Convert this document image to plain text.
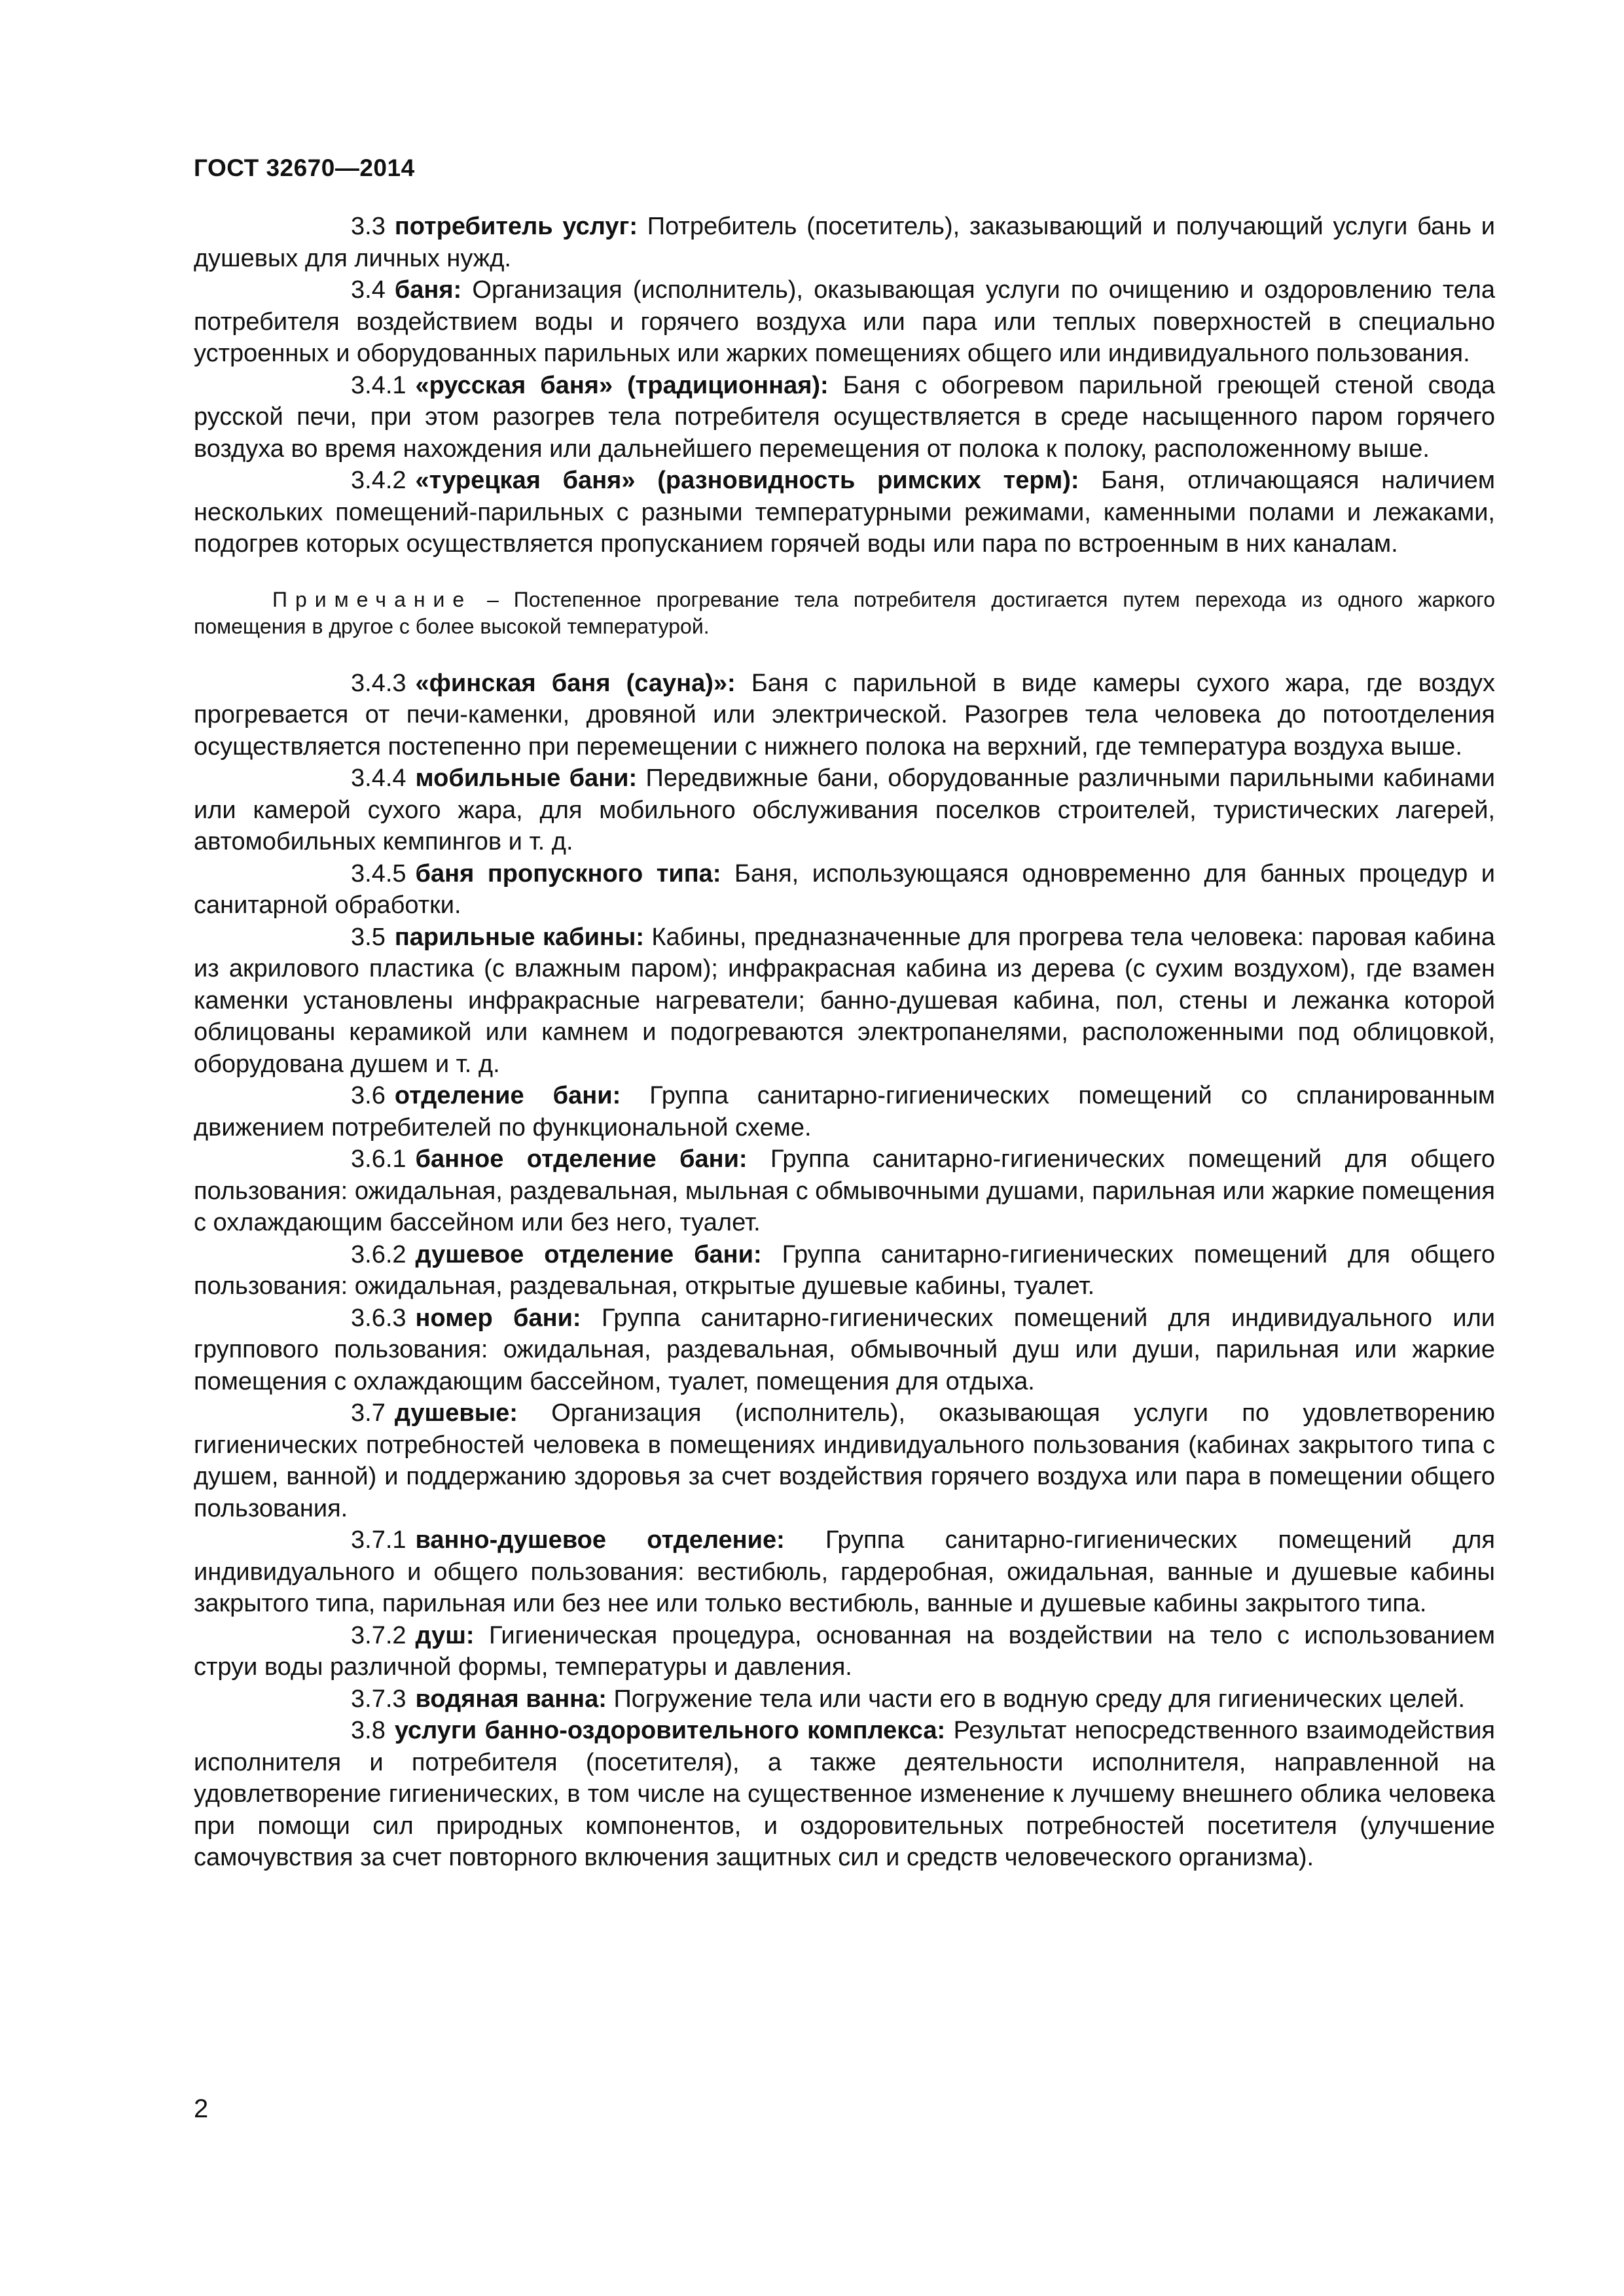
ГОСТ 32670—2014

3.3 потребитель услуг: Потребитель (посетитель), заказывающий и получающий услуги бань и душевых для личных нужд.

3.4 баня: Организация (исполнитель), оказывающая услуги по очищению и оздоровлению тела потребителя воздействием воды и горячего воздуха или пара или теплых поверхностей в специально устроенных и оборудованных парильных или жарких помещениях общего или индивидуального пользования.

3.4.1 «русская баня» (традиционная): Баня с обогревом парильной греющей стеной свода русской печи, при этом разогрев тела потребителя осуществляется в среде насыщенного паром горячего воздуха во время нахождения или дальнейшего перемещения от полока к полоку, расположенному выше.

3.4.2 «турецкая баня» (разновидность римских терм): Баня, отличающаяся наличием нескольких помещений-парильных с разными температурными режимами, каменными полами и лежаками, подогрев которых осуществляется пропусканием горячей воды или пара по встроенным в них каналам.

Примечание – Постепенное прогревание тела потребителя достигается путем перехода из одного жаркого помещения в другое с более высокой температурой.

3.4.3 «финская баня (сауна)»: Баня с парильной в виде камеры сухого жара, где воздух прогревается от печи-каменки, дровяной или электрической. Разогрев тела человека до потоотделения осуществляется постепенно при перемещении с нижнего полока на верхний, где температура воздуха выше.

3.4.4 мобильные бани: Передвижные бани, оборудованные различными парильными кабинами или камерой сухого жара, для мобильного обслуживания поселков строителей, туристических лагерей, автомобильных кемпингов и т. д.

3.4.5 баня пропускного типа: Баня, использующаяся одновременно для банных процедур и санитарной обработки.

3.5 парильные кабины: Кабины, предназначенные для прогрева тела человека: паровая кабина из акрилового пластика (с влажным паром); инфракрасная кабина из дерева (с сухим воздухом), где взамен каменки установлены инфракрасные нагреватели; банно-душевая кабина, пол, стены и лежанка которой облицованы керамикой или камнем и подогреваются электропанелями, расположенными под облицовкой, оборудована душем и т. д.

3.6 отделение бани: Группа санитарно-гигиенических помещений со спланированным движением потребителей по функциональной схеме.

3.6.1 банное отделение бани: Группа санитарно-гигиенических помещений для общего пользования: ожидальная, раздевальная, мыльная с обмывочными душами, парильная или жаркие помещения с охлаждающим бассейном или без него, туалет.

3.6.2 душевое отделение бани: Группа санитарно-гигиенических помещений для общего пользования: ожидальная, раздевальная, открытые душевые кабины, туалет.

3.6.3 номер бани: Группа санитарно-гигиенических помещений для индивидуального или группового пользования: ожидальная, раздевальная, обмывочный душ или души, парильная или жаркие помещения с охлаждающим бассейном, туалет, помещения для отдыха.

3.7 душевые: Организация (исполнитель), оказывающая услуги по удовлетворению гигиенических потребностей человека в помещениях индивидуального пользования (кабинах закрытого типа с душем, ванной) и поддержанию здоровья за счет воздействия горячего воздуха или пара в помещении общего пользования.

3.7.1 ванно-душевое отделение: Группа санитарно-гигиенических помещений для индивидуального и общего пользования: вестибюль, гардеробная, ожидальная, ванные и душевые кабины закрытого типа, парильная или без нее или только вестибюль, ванные и душевые кабины закрытого типа.

3.7.2 душ: Гигиеническая процедура, основанная на воздействии на тело с использованием струи воды различной формы, температуры и давления.

3.7.3 водяная ванна: Погружение тела или части его в водную среду для гигиенических целей.

3.8 услуги банно-оздоровительного комплекса: Результат непосредственного взаимодействия исполнителя и потребителя (посетителя), а также деятельности исполнителя, направленной на удовлетворение гигиенических, в том числе на существенное изменение к лучшему внешнего облика человека при помощи сил природных компонентов, и оздоровительных потребностей посетителя (улучшение самочувствия за счет повторного включения защитных сил и средств человеческого организма).

2
